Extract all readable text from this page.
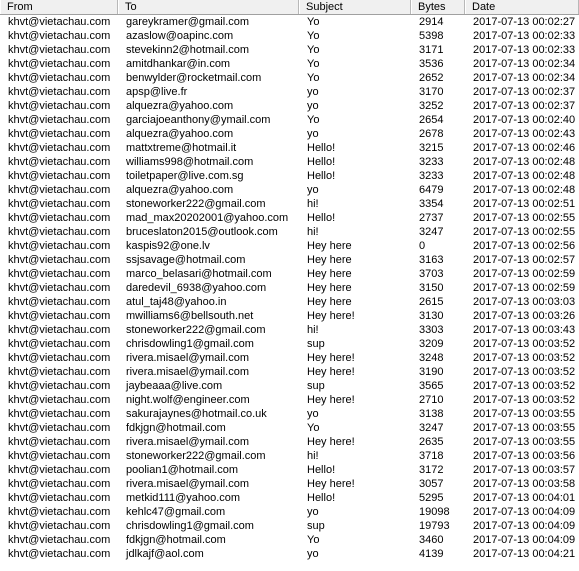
From	To	Subject	Bytes	Date
khvt@vietachau.com	gareykramer@gmail.com	Yo	2914	2017-07-13 00:02:27
khvt@vietachau.com	azaslow@oapinc.com	Yo	5398	2017-07-13 00:02:33
khvt@vietachau.com	stevekinn2@hotmail.com	Yo	3171	2017-07-13 00:02:33
khvt@vietachau.com	amitdhankar@in.com	Yo	3536	2017-07-13 00:02:34
khvt@vietachau.com	benwylder@rocketmail.com	Yo	2652	2017-07-13 00:02:34
khvt@vietachau.com	apsp@live.fr	yo	3170	2017-07-13 00:02:37
khvt@vietachau.com	alquezra@yahoo.com	yo	3252	2017-07-13 00:02:37
khvt@vietachau.com	garciajoeanthony@ymail.com	Yo	2654	2017-07-13 00:02:40
khvt@vietachau.com	alquezra@yahoo.com	yo	2678	2017-07-13 00:02:43
khvt@vietachau.com	mattxtreme@hotmail.it	Hello!	3215	2017-07-13 00:02:46
khvt@vietachau.com	williams998@hotmail.com	Hello!	3233	2017-07-13 00:02:48
khvt@vietachau.com	toiletpaper@live.com.sg	Hello!	3233	2017-07-13 00:02:48
khvt@vietachau.com	alquezra@yahoo.com	yo	6479	2017-07-13 00:02:48
khvt@vietachau.com	stoneworker222@gmail.com	hi!	3354	2017-07-13 00:02:51
khvt@vietachau.com	mad_max20202001@yahoo.com	Hello!	2737	2017-07-13 00:02:55
khvt@vietachau.com	bruceslaton2015@outlook.com	hi!	3247	2017-07-13 00:02:55
khvt@vietachau.com	kaspis92@one.lv	Hey here	0	2017-07-13 00:02:56
khvt@vietachau.com	ssjsavage@hotmail.com	Hey here	3163	2017-07-13 00:02:57
khvt@vietachau.com	marco_belasari@hotmail.com	Hey here	3703	2017-07-13 00:02:59
khvt@vietachau.com	daredevil_6938@yahoo.com	Hey here	3150	2017-07-13 00:02:59
khvt@vietachau.com	atul_taj48@yahoo.in	Hey here	2615	2017-07-13 00:03:03
khvt@vietachau.com	mwilliams6@bellsouth.net	Hey here!	3130	2017-07-13 00:03:26
khvt@vietachau.com	stoneworker222@gmail.com	hi!	3303	2017-07-13 00:03:43
khvt@vietachau.com	chrisdowling1@gmail.com	sup	3209	2017-07-13 00:03:52
khvt@vietachau.com	rivera.misael@ymail.com	Hey here!	3248	2017-07-13 00:03:52
khvt@vietachau.com	rivera.misael@ymail.com	Hey here!	3190	2017-07-13 00:03:52
khvt@vietachau.com	jaybeaaa@live.com	sup	3565	2017-07-13 00:03:52
khvt@vietachau.com	night.wolf@engineer.com	Hey here!	2710	2017-07-13 00:03:52
khvt@vietachau.com	sakurajaynes@hotmail.co.uk	yo	3138	2017-07-13 00:03:55
khvt@vietachau.com	fdkjgn@hotmail.com	Yo	3247	2017-07-13 00:03:55
khvt@vietachau.com	rivera.misael@ymail.com	Hey here!	2635	2017-07-13 00:03:55
khvt@vietachau.com	stoneworker222@gmail.com	hi!	3718	2017-07-13 00:03:56
khvt@vietachau.com	poolian1@hotmail.com	Hello!	3172	2017-07-13 00:03:57
khvt@vietachau.com	rivera.misael@ymail.com	Hey here!	3057	2017-07-13 00:03:58
khvt@vietachau.com	metkid111@yahoo.com	Hello!	5295	2017-07-13 00:04:01
khvt@vietachau.com	kehlc47@gmail.com	yo	19098	2017-07-13 00:04:09
khvt@vietachau.com	chrisdowling1@gmail.com	sup	19793	2017-07-13 00:04:09
khvt@vietachau.com	fdkjgn@hotmail.com	Yo	3460	2017-07-13 00:04:09
khvt@vietachau.com	jdlkajf@aol.com	yo	4139	2017-07-13 00:04:21
